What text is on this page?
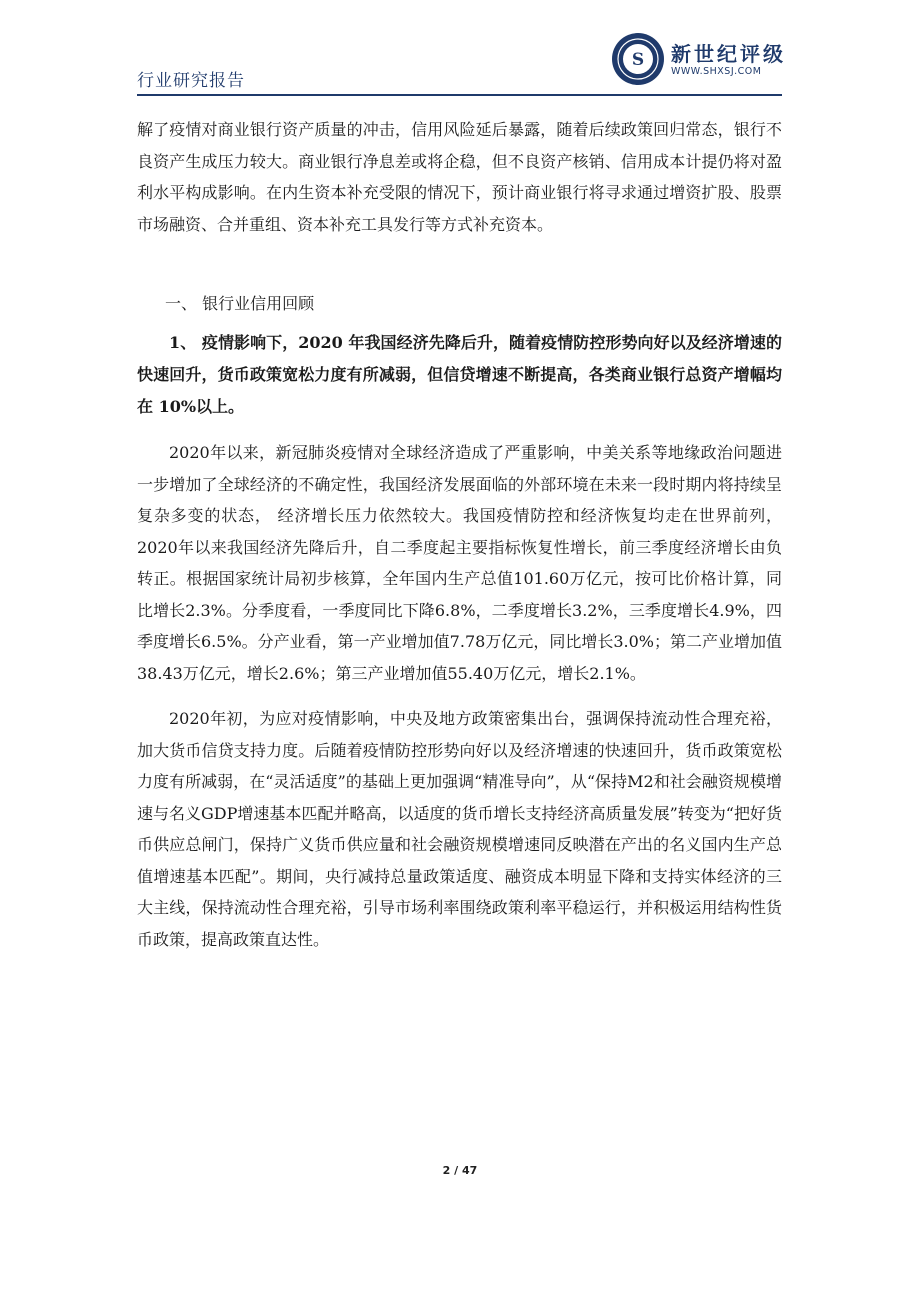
S 新世纪评级
WWW.SHXSJ.COM
行业研究报告

解了疫情对商业银行资产质量的冲击，信用风险延后暴露，随着后续政策回归常态，银行不良资产生成压力较大。商业银行净息差或将企稳，但不良资产核销、信用成本计提仍将对盈利水平构成影响。在内生资本补充受限的情况下，预计商业银行将寻求通过增资扩股、股票市场融资、合并重组、资本补充工具发行等方式补充资本。

一、 银行业信用回顾

1、 疫情影响下，2020 年我国经济先降后升，随着疫情防控形势向好以及经济增速的快速回升，货币政策宽松力度有所减弱，但信贷增速不断提高，各类商业银行总资产增幅均在 10%以上。

2020年以来，新冠肺炎疫情对全球经济造成了严重影响，中美关系等地缘政治问题进一步增加了全球经济的不确定性，我国经济发展面临的外部环境在未来一段时期内将持续呈复杂多变的状态， 经济增长压力依然较大。我国疫情防控和经济恢复均走在世界前列，2020年以来我国经济先降后升，自二季度起主要指标恢复性增长，前三季度经济增长由负转正。根据国家统计局初步核算，全年国内生产总值101.60万亿元，按可比价格计算，同比增长2.3%。分季度看，一季度同比下降6.8%，二季度增长3.2%，三季度增长4.9%，四季度增长6.5%。分产业看，第一产业增加值7.78万亿元，同比增长3.0%；第二产业增加值38.43万亿元，增长2.6%；第三产业增加值55.40万亿元，增长2.1%。

2020年初，为应对疫情影响，中央及地方政策密集出台，强调保持流动性合理充裕，加大货币信贷支持力度。后随着疫情防控形势向好以及经济增速的快速回升，货币政策宽松力度有所减弱，在“灵活适度”的基础上更加强调“精准导向”，从“保持M2和社会融资规模增速与名义GDP增速基本匹配并略高，以适度的货币增长支持经济高质量发展”转变为“把好货币供应总闸门，保持广义货币供应量和社会融资规模增速同反映潜在产出的名义国内生产总值增速基本匹配”。期间，央行减持总量政策适度、融资成本明显下降和支持实体经济的三大主线，保持流动性合理充裕，引导市场利率围绕政策利率平稳运行，并积极运用结构性货币政策，提高政策直达性。

2 / 47
